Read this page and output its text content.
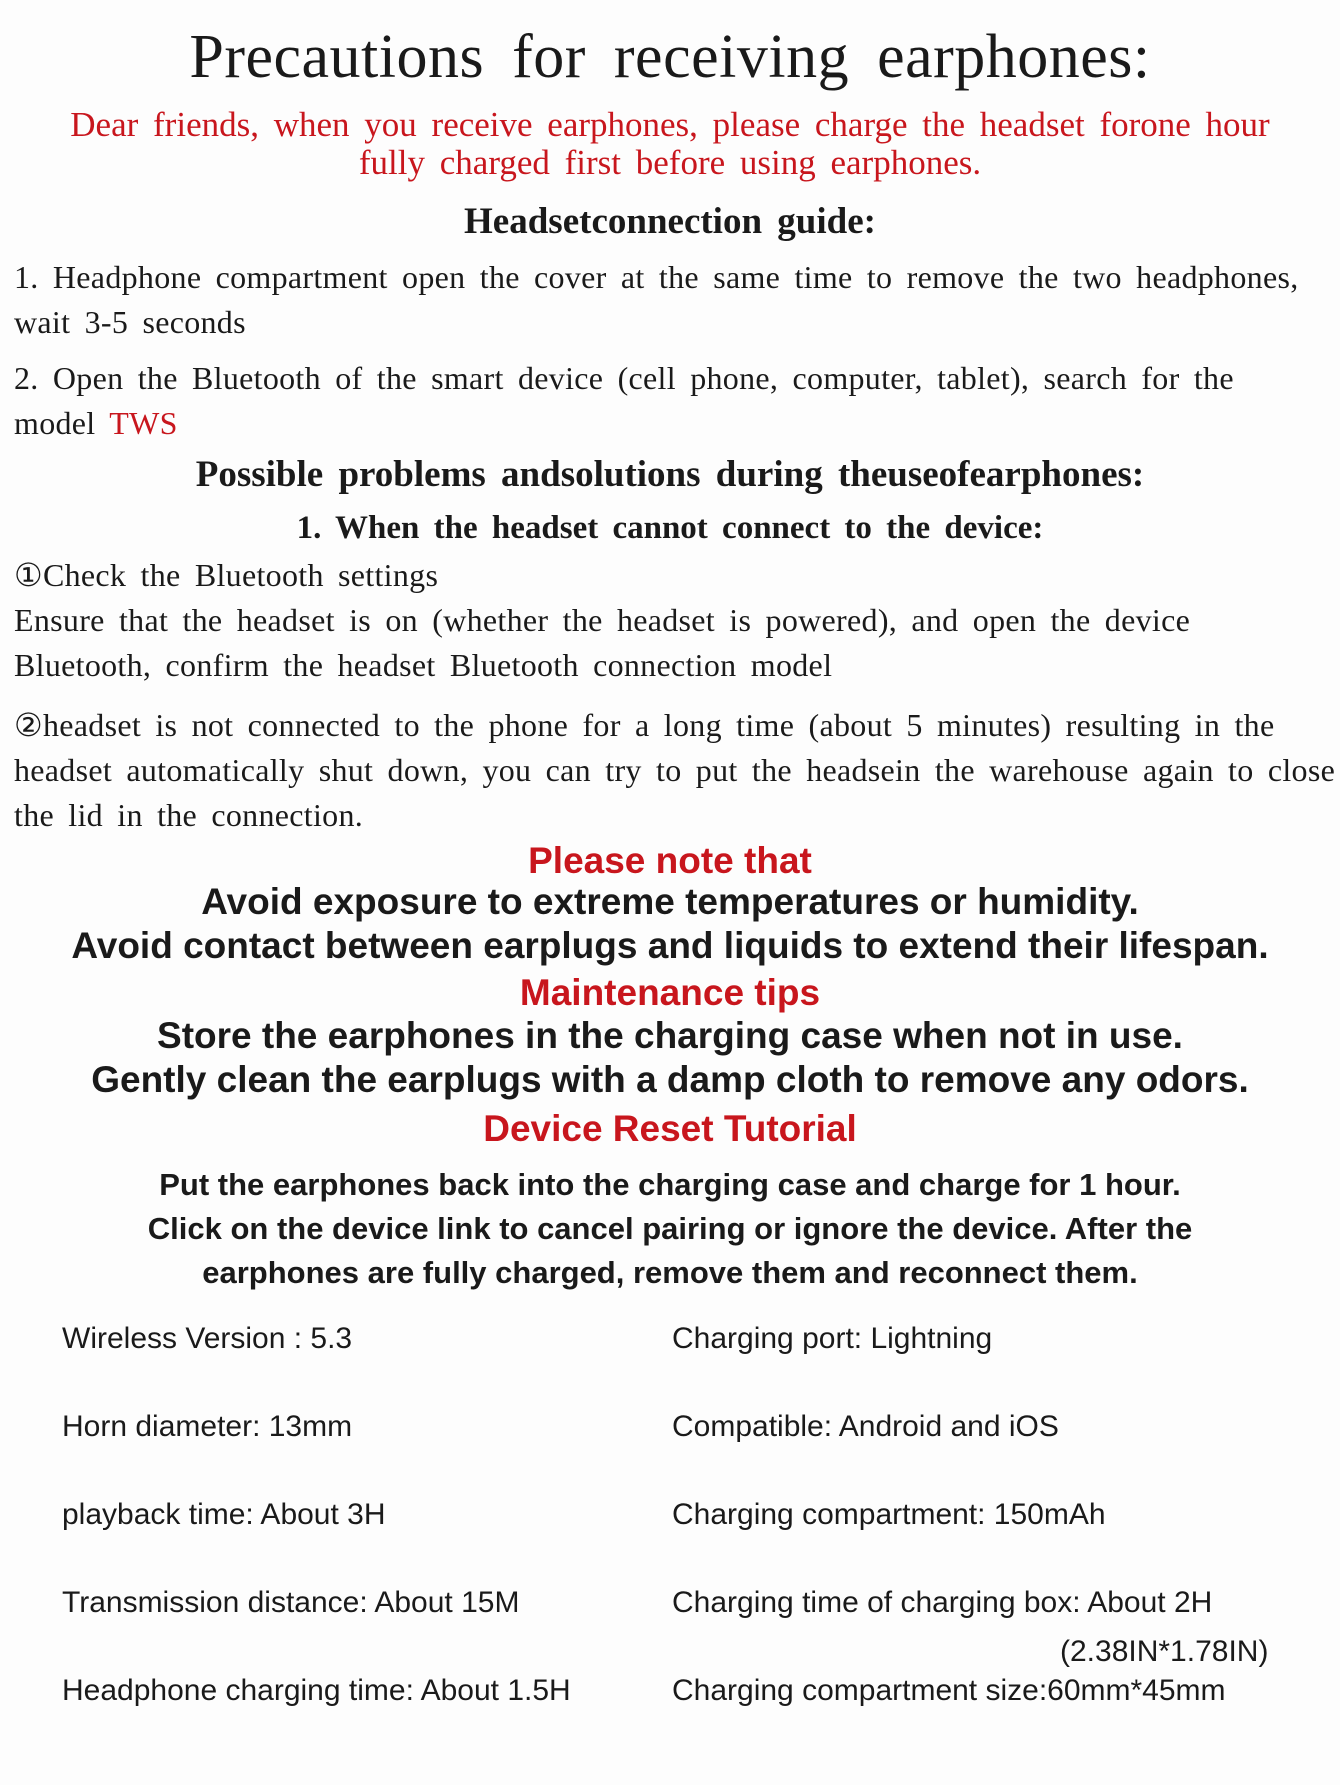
Precautions for receiving earphones:
Dear friends, when you receive earphones, please charge the headset forone hour fully charged first before using earphones.
Headsetconnection guide:
1. Headphone compartment open the cover at the same time to remove the two headphones, wait 3-5 seconds
2. Open the Bluetooth of the smart device (cell phone, computer, tablet), search for the model TWS
Possible problems andsolutions during theuseofearphones:
1. When the headset cannot connect to the device:
①Check the Bluetooth settings
Ensure that the headset is on (whether the headset is powered), and open the device Bluetooth, confirm the headset Bluetooth connection model
②headset is not connected to the phone for a long time (about 5 minutes) resulting in the headset automatically shut down, you can try to put the headsein the warehouse again to close the lid in the connection.
Please note that
Avoid exposure to extreme temperatures or humidity.
Avoid contact between earplugs and liquids to extend their lifespan.
Maintenance tips
Store the earphones in the charging case when not in use.
Gently clean the earplugs with a damp cloth to remove any odors.
Device Reset Tutorial
Put the earphones back into the charging case and charge for 1 hour.
Click on the device link to cancel pairing or ignore the device. After the
earphones are fully charged, remove them and reconnect them.
Wireless Version : 5.3
Horn diameter: 13mm
playback time: About 3H
Transmission distance: About 15M
Headphone charging time: About 1.5H
Charging port: Lightning
Compatible: Android and iOS
Charging compartment: 150mAh
Charging time of charging box: About 2H
(2.38IN*1.78IN)
Charging compartment size:60mm*45mm
